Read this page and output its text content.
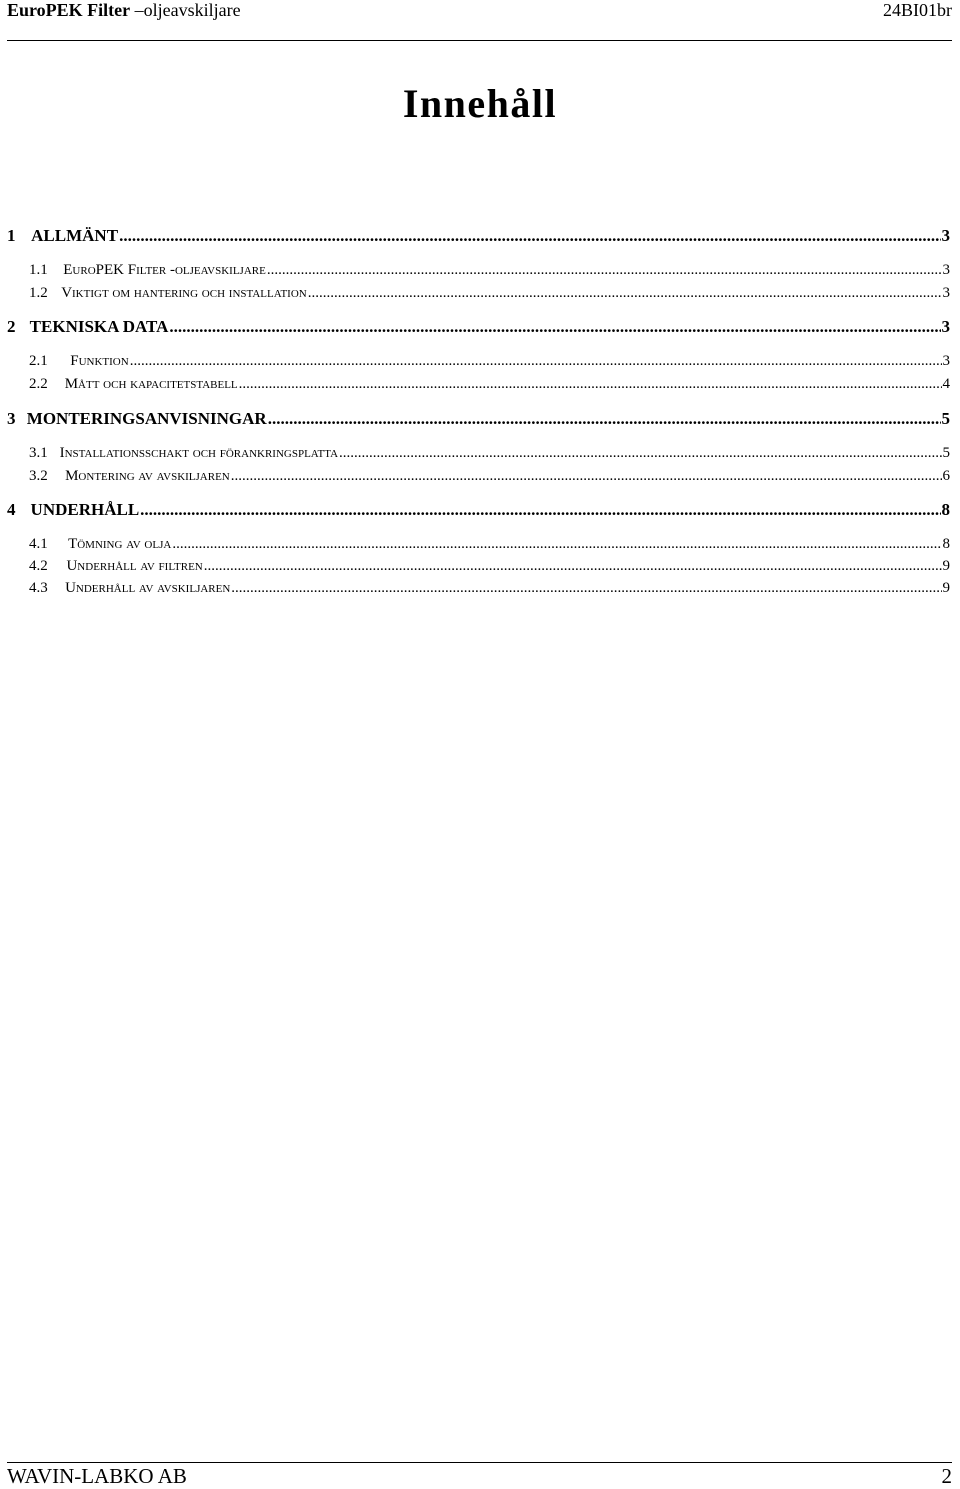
EuroPEK Filter –oljeavskiljare	24BI01br
Innehåll
1 ALLMÄNT .....	3
1.1	EuroPEK Filter -oljeavskiljare .....	3
1.2 Viktigt om hantering och installation .....	3
2 TEKNISKA DATA .....	3
2.1	Funktion .....	3
2.2	Mått och kapacitetstabell .....	4
3 MONTERINGSANVISNINGAR .....	5
3.1 Installationsschakt och förankringsplatta .....	5
3.2	Montering av avskiljaren .....	6
4 UNDERHÅLL .....	8
4.1	Tömning av olja .....	8
4.2	Underhåll av filtren .....	9
4.3	Underhåll av avskiljaren .....	9
WAVIN-LABKO AB	2
